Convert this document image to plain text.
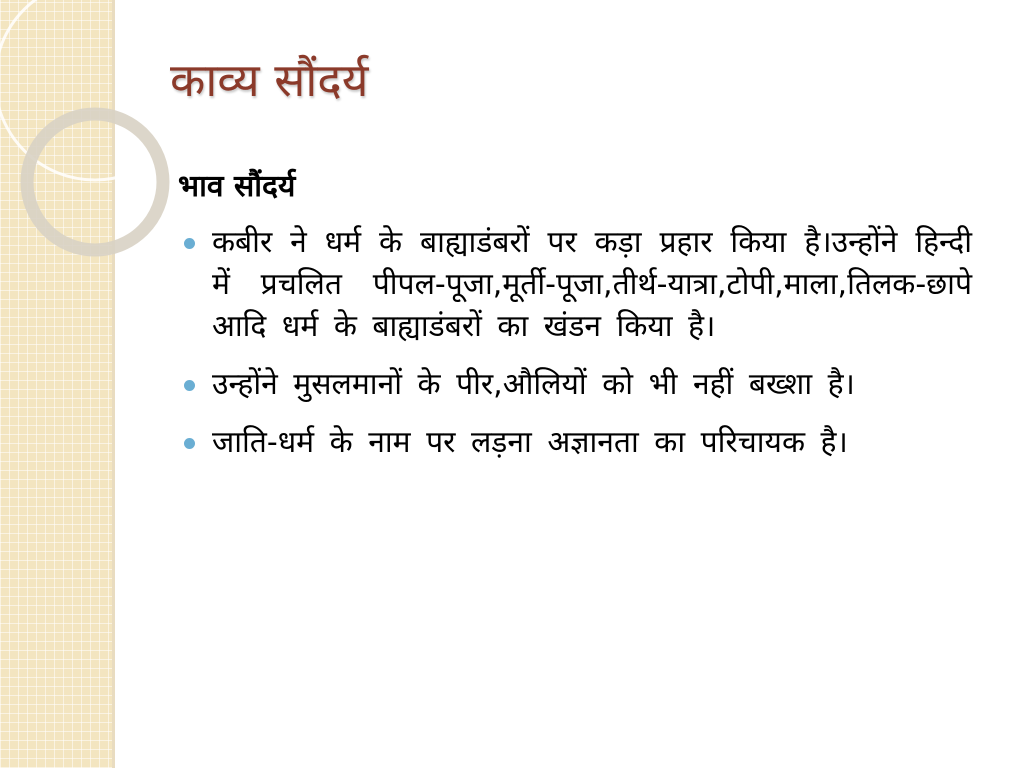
काव्य सौंदर्य
भाव सौंदर्य
कबीर ने धर्म के बाह्याडंबरों पर कड़ा प्रहार किया है।उन्होंने हिन्दी में प्रचलित पीपल-पूजा,मूर्ती-पूजा,तीर्थ-यात्रा,टोपी,माला,तिलक-छापे आदि धर्म के बाह्याडंबरों का खंडन किया है।
उन्होंने मुसलमानों के पीर,औलियों को भी नहीं बख्शा है।
जाति-धर्म के नाम पर लड़ना अज्ञानता का परिचायक है।
